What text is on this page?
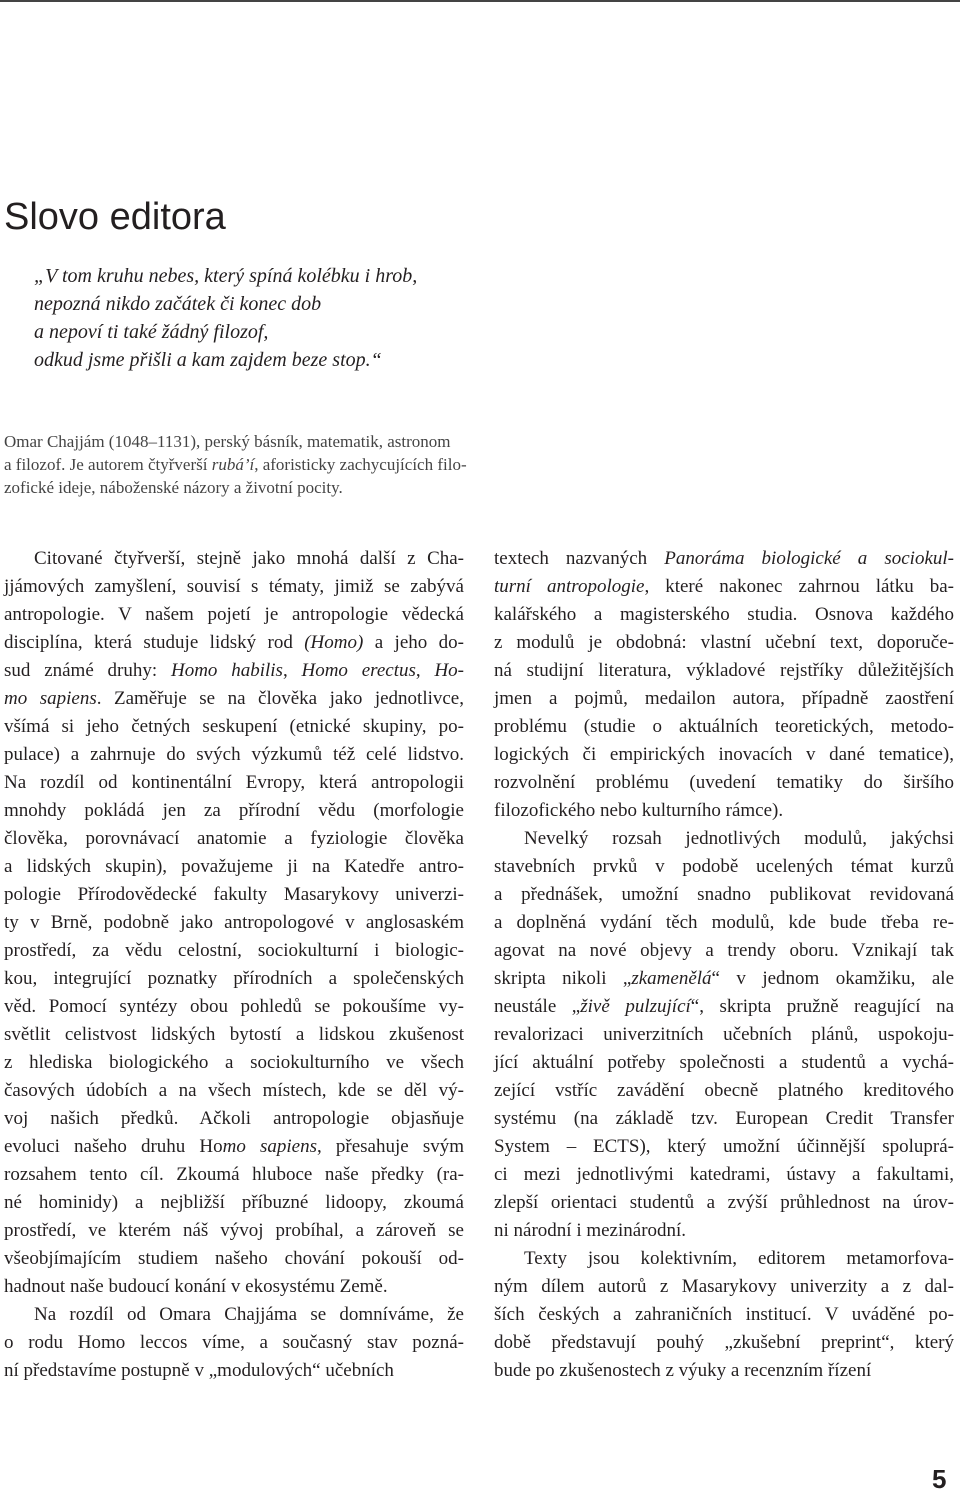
Slovo editora
„V tom kruhu nebes, který spíná kolébku i hrob,
nepozná nikdo začátek či konec dob
a nepoví ti také žádný filozof,
odkud jsme přišli a kam zajdem beze stop.“
Omar Chajjám (1048–1131), perský básník, matematik, astronom
a filozof. Je autorem čtyřverší rubá’í, aforisticky zachycujících filo-
zofické ideje, náboženské názory a životní pocity.
Citované čtyřverší, stejně jako mnohá další z Cha-
jjámových zamyšlení, souvisí s tématy, jimiž se zabývá
antropologie. V našem pojetí je antropologie vědecká
disciplína, která studuje lidský rod (Homo) a jeho do-
sud známé druhy: Homo habilis, Homo erectus, Ho-
mo sapiens. Zaměřuje se na člověka jako jednotlivce,
všímá si jeho četných seskupení (etnické skupiny, po-
pulace) a zahrnuje do svých výzkumů též celé lidstvo.
Na rozdíl od kontinentální Evropy, která antropologii
mnohdy pokládá jen za přírodní vědu (morfologie
člověka, porovnávací anatomie a fyziologie člověka
a lidských skupin), považujeme ji na Katedře antro-
pologie Přírodovědecké fakulty Masarykovy univerzi-
ty v Brně, podobně jako antropologové v anglosaském
prostředí, za vědu celostní, sociokulturní i biologic-
kou, integrující poznatky přírodních a společenských
věd. Pomocí syntézy obou pohledů se pokoušíme vy-
světlit celistvost lidských bytostí a lidskou zkušenost
z hlediska biologického a sociokulturního ve všech
časových údobích a na všech místech, kde se děl vý-
voj našich předků. Ačkoli antropologie objasňuje
evoluci našeho druhu Homo sapiens, přesahuje svým
rozsahem tento cíl. Zkoumá hluboce naše předky (ra-
né hominidy) a nejbližší příbuzné lidoopy, zkoumá
prostředí, ve kterém náš vývoj probíhal, a zároveň se
všeobjímajícím studiem našeho chování pokouší od-
hadnout naše budoucí konání v ekosystému Země.
Na rozdíl od Omara Chajjáma se domníváme, že
o rodu Homo leccos víme, a současný stav pozná-
ní představíme postupně v „modulových“ učebních
textech nazvaných Panoráma biologické a sociokul-
turní antropologie, které nakonec zahrnou látku ba-
kalářského a magisterského studia. Osnova každého
z modulů je obdobná: vlastní učební text, doporuče-
ná studijní literatura, výkladové rejstříky důležitějších
jmen a pojmů, medailon autora, případně zaostření
problému (studie o aktuálních teoretických, metodo-
logických či empirických inovacích v dané tematice),
rozvolnění problému (uvedení tematiky do širšího
filozofického nebo kulturního rámce).
Nevelký rozsah jednotlivých modulů, jakýchsi
stavebních prvků v podobě ucelených témat kurzů
a přednášek, umožní snadno publikovat revidovaná
a doplněná vydání těch modulů, kde bude třeba re-
agovat na nové objevy a trendy oboru. Vznikají tak
skripta nikoli „zkamenělá“ v jednom okamžiku, ale
neustále „živě pulzující“, skripta pružně reagující na
revalorizaci univerzitních učebních plánů, uspokoju-
jící aktuální potřeby společnosti a studentů a vychá-
zející vstříc zavádění obecně platného kreditového
systému (na základě tzv. European Credit Transfer
System – ECTS), který umožní účinnější spoluprá-
ci mezi jednotlivými katedrami, ústavy a fakultami,
zlepší orientaci studentů a zvýší průhlednost na úrov-
ni národní i mezinárodní.
Texty jsou kolektivním, editorem metamorfova-
ným dílem autorů z Masarykovy univerzity a z dal-
ších českých a zahraničních institucí. V uváděné po-
době představují pouhý „zkušební preprint“, který
bude po zkušenostech z výuky a recenzním řízení
5
